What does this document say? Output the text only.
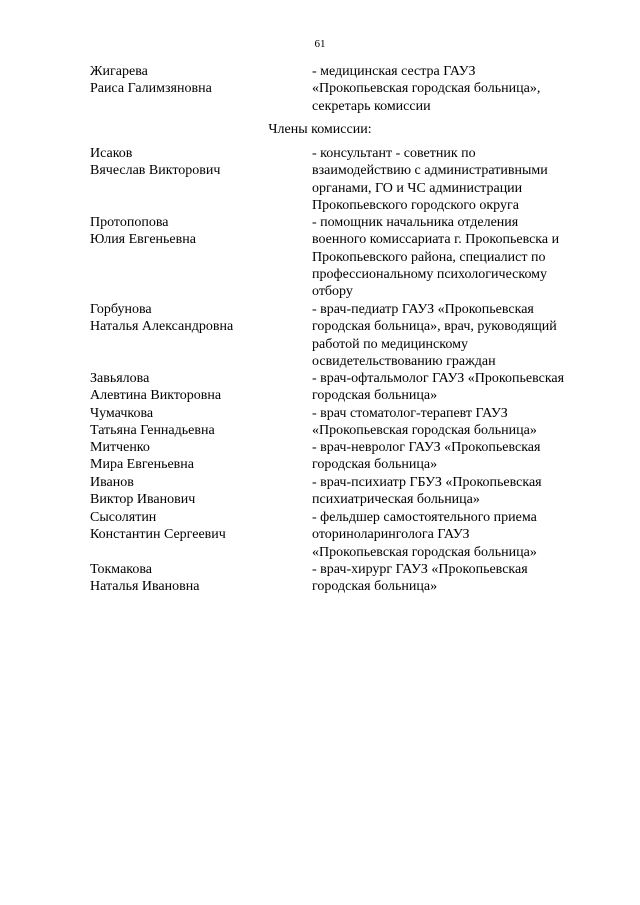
61
Жигарева
Раиса Галимзяновна
- медицинская сестра ГАУЗ
«Прокопьевская городская больница»,
секретарь комиссии
Члены комиссии:
Исаков
Вячеслав Викторович
- консультант - советник по
взаимодействию с административными
органами, ГО и ЧС администрации
Прокопьевского городского округа
Протопопова
Юлия Евгеньевна
- помощник начальника отделения
военного комиссариата г. Прокопьевска и
Прокопьевского района, специалист по
профессиональному психологическому
отбору
Горбунова
Наталья Александровна
- врач-педиатр ГАУЗ «Прокопьевская
городская больница», врач, руководящий
работой по медицинскому
освидетельствованию граждан
Завьялова
Алевтина Викторовна
- врач-офтальмолог ГАУЗ «Прокопьевская
городская больница»
Чумачкова
Татьяна Геннадьевна
- врач стоматолог-терапевт ГАУЗ
«Прокопьевская городская больница»
Митченко
Мира Евгеньевна
- врач-невролог ГАУЗ «Прокопьевская
городская больница»
Иванов
Виктор Иванович
- врач-психиатр ГБУЗ «Прокопьевская
психиатрическая больница»
Сысолятин
Константин Сергеевич
- фельдшер самостоятельного приема
оториноларинголога ГАУЗ
«Прокопьевская городская больница»
Токмакова
Наталья Ивановна
- врач-хирург ГАУЗ «Прокопьевская
городская больница»
